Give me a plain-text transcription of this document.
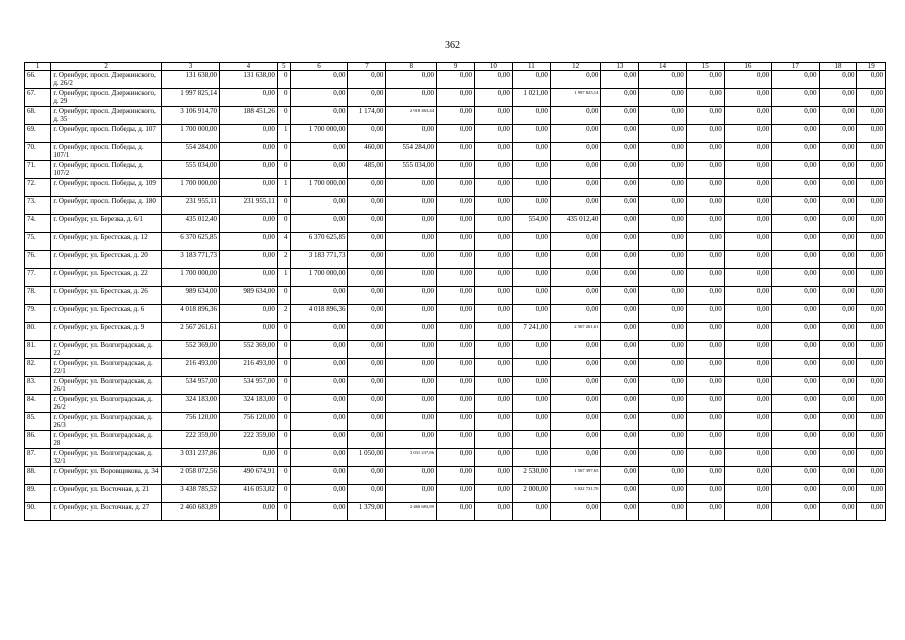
362
1	2	3	4	5	6	7	8	9	10	11	12	13	14	15	16	17	18	19
66.	г. Оренбург, просп. Дзержинского, д. 26/2	131 638,00	131 638,00	0	0,00	0,00	0,00	0,00	0,00	0,00	0,00	0,00	0,00	0,00	0,00	0,00	0,00	0,00
67.	г. Оренбург, просп. Дзержинского, д. 29	1 997 825,14	0,00	0	0,00	0,00	0,00	0,00	0,00	1 021,00	1 997 825,14	0,00	0,00	0,00	0,00	0,00	0,00	0,00
68.	г. Оренбург, просп. Дзержинского, д. 35	3 106 914,70	188 451,26	0	0,00	1 174,00	2 918 463,44	0,00	0,00	0,00	0,00	0,00	0,00	0,00	0,00	0,00	0,00	0,00
69.	г. Оренбург, просп. Победы, д. 107	1 700 000,00	0,00	1	1 700 000,00	0,00	0,00	0,00	0,00	0,00	0,00	0,00	0,00	0,00	0,00	0,00	0,00	0,00
70.	г. Оренбург, просп. Победы, д. 107/1	554 284,00	0,00	0	0,00	460,00	554 284,00	0,00	0,00	0,00	0,00	0,00	0,00	0,00	0,00	0,00	0,00	0,00
71.	г. Оренбург, просп. Победы, д. 107/2	555 034,00	0,00	0	0,00	485,00	555 034,00	0,00	0,00	0,00	0,00	0,00	0,00	0,00	0,00	0,00	0,00	0,00
72.	г. Оренбург, просп. Победы, д. 109	1 700 000,00	0,00	1	1 700 000,00	0,00	0,00	0,00	0,00	0,00	0,00	0,00	0,00	0,00	0,00	0,00	0,00	0,00
73.	г. Оренбург, просп. Победы, д. 180	231 955,11	231 955,11	0	0,00	0,00	0,00	0,00	0,00	0,00	0,00	0,00	0,00	0,00	0,00	0,00	0,00	0,00
74.	г. Оренбург, ул. Березка, д. 6/1	435 012,40	0,00	0	0,00	0,00	0,00	0,00	0,00	554,00	435 012,40	0,00	0,00	0,00	0,00	0,00	0,00	0,00
75.	г. Оренбург, ул. Брестская, д. 12	6 370 625,85	0,00	4	6 370 625,85	0,00	0,00	0,00	0,00	0,00	0,00	0,00	0,00	0,00	0,00	0,00	0,00	0,00
76.	г. Оренбург, ул. Брестская, д. 20	3 183 771,73	0,00	2	3 183 771,73	0,00	0,00	0,00	0,00	0,00	0,00	0,00	0,00	0,00	0,00	0,00	0,00	0,00
77.	г. Оренбург, ул. Брестская, д. 22	1 700 000,00	0,00	1	1 700 000,00	0,00	0,00	0,00	0,00	0,00	0,00	0,00	0,00	0,00	0,00	0,00	0,00	0,00
78.	г. Оренбург, ул. Брестская, д. 26	989 634,00	989 634,00	0	0,00	0,00	0,00	0,00	0,00	0,00	0,00	0,00	0,00	0,00	0,00	0,00	0,00	0,00
79.	г. Оренбург, ул. Брестская, д. 6	4 018 896,36	0,00	2	4 018 896,36	0,00	0,00	0,00	0,00	0,00	0,00	0,00	0,00	0,00	0,00	0,00	0,00	0,00
80.	г. Оренбург, ул. Брестская, д. 9	2 567 261,61	0,00	0	0,00	0,00	0,00	0,00	0,00	7 241,00	2 567 261,61	0,00	0,00	0,00	0,00	0,00	0,00	0,00
81.	г. Оренбург, ул. Волгоградская, д. 22	552 369,00	552 369,00	0	0,00	0,00	0,00	0,00	0,00	0,00	0,00	0,00	0,00	0,00	0,00	0,00	0,00	0,00
82.	г. Оренбург, ул. Волгоградская, д. 22/1	216 493,00	216 493,00	0	0,00	0,00	0,00	0,00	0,00	0,00	0,00	0,00	0,00	0,00	0,00	0,00	0,00	0,00
83.	г. Оренбург, ул. Волгоградская, д. 26/1	534 957,00	534 957,00	0	0,00	0,00	0,00	0,00	0,00	0,00	0,00	0,00	0,00	0,00	0,00	0,00	0,00	0,00
84.	г. Оренбург, ул. Волгоградская, д. 26/2	324 183,00	324 183,00	0	0,00	0,00	0,00	0,00	0,00	0,00	0,00	0,00	0,00	0,00	0,00	0,00	0,00	0,00
85.	г. Оренбург, ул. Волгоградская, д. 26/3	756 120,00	756 120,00	0	0,00	0,00	0,00	0,00	0,00	0,00	0,00	0,00	0,00	0,00	0,00	0,00	0,00	0,00
86.	г. Оренбург, ул. Волгоградская, д. 28	222 359,00	222 359,00	0	0,00	0,00	0,00	0,00	0,00	0,00	0,00	0,00	0,00	0,00	0,00	0,00	0,00	0,00
87.	г. Оренбург, ул. Волгоградская, д. 32/1	3 031 237,86	0,00	0	0,00	1 050,00	3 031 237,86	0,00	0,00	0,00	0,00	0,00	0,00	0,00	0,00	0,00	0,00	0,00
88.	г. Оренбург, ул. Воровщикова, д. 34	2 058 072,56	490 674,91	0	0,00	0,00	0,00	0,00	0,00	2 530,00	1 567 397,65	0,00	0,00	0,00	0,00	0,00	0,00	0,00
89.	г. Оренбург, ул. Восточная, д. 21	3 438 785,52	416 053,82	0	0,00	0,00	0,00	0,00	0,00	2 000,00	3 022 731,70	0,00	0,00	0,00	0,00	0,00	0,00	0,00
90.	г. Оренбург, ул. Восточная, д. 27	2 460 683,89	0,00	0	0,00	1 379,00	2 460 683,89	0,00	0,00	0,00	0,00	0,00	0,00	0,00	0,00	0,00	0,00	0,00
